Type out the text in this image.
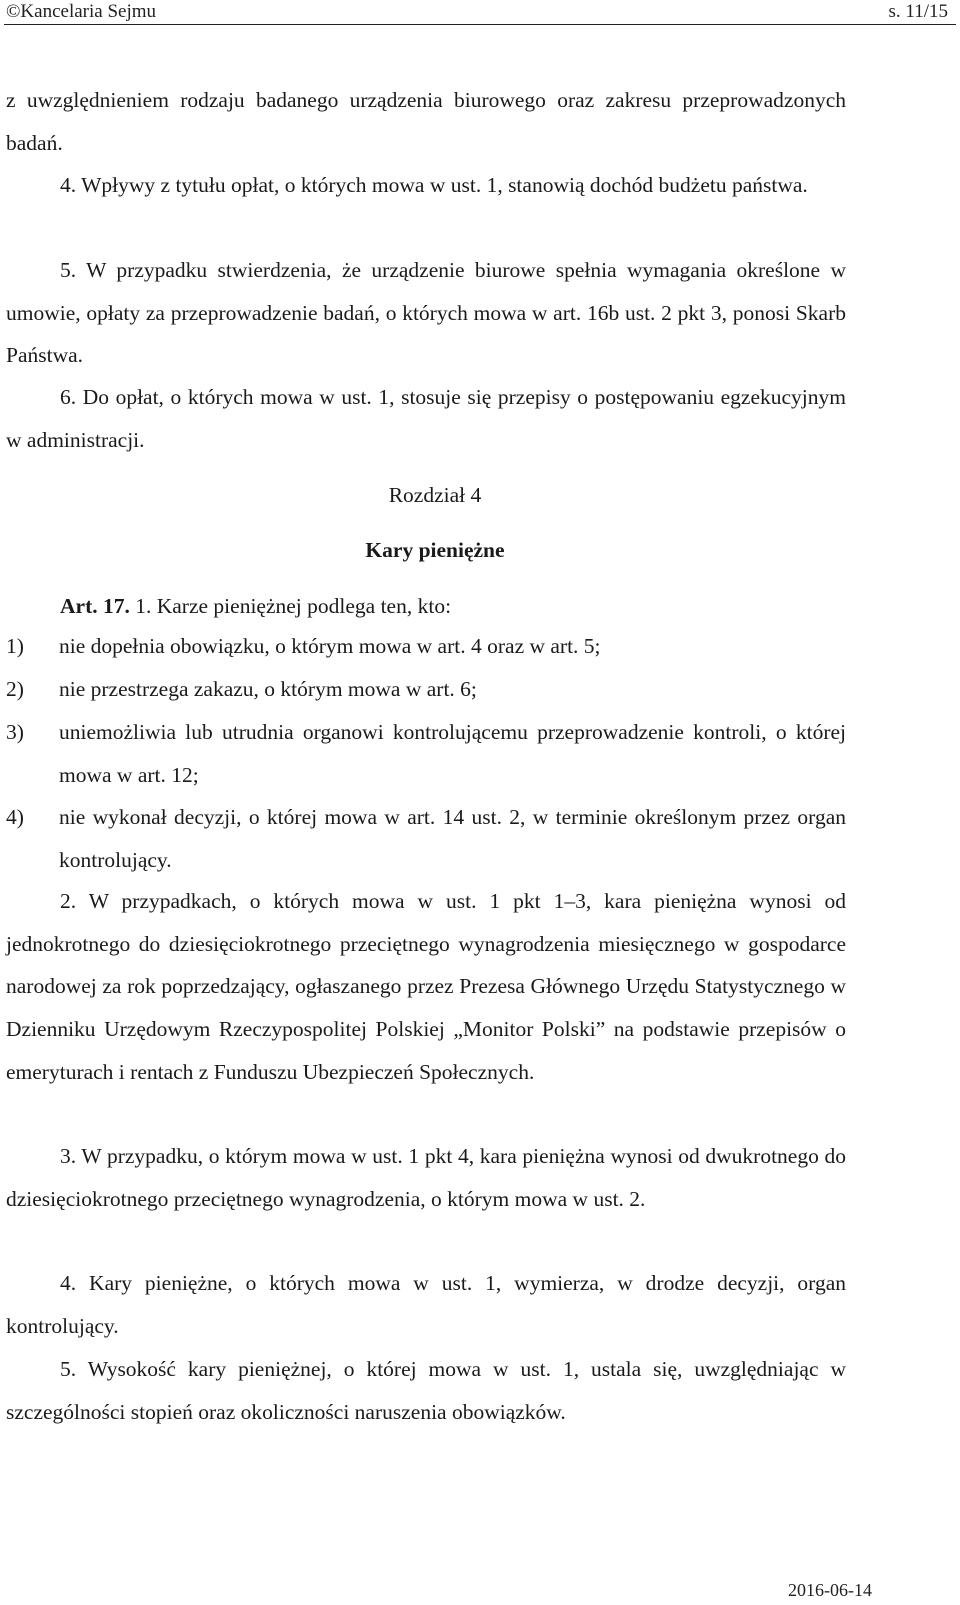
©Kancelaria Sejmu	s. 11/15

z uwzględnieniem rodzaju badanego urządzenia biurowego oraz zakresu przeprowadzonych badań.

4. Wpływy z tytułu opłat, o których mowa w ust. 1, stanowią dochód budżetu państwa.

5. W przypadku stwierdzenia, że urządzenie biurowe spełnia wymagania określone w umowie, opłaty za przeprowadzenie badań, o których mowa w art. 16b ust. 2 pkt 3, ponosi Skarb Państwa.

6. Do opłat, o których mowa w ust. 1, stosuje się przepisy o postępowaniu egzekucyjnym w administracji.

Rozdział 4

Kary pieniężne

Art. 17. 1. Karze pieniężnej podlega ten, kto:

1) nie dopełnia obowiązku, o którym mowa w art. 4 oraz w art. 5;
2) nie przestrzega zakazu, o którym mowa w art. 6;
3) uniemożliwia lub utrudnia organowi kontrolującemu przeprowadzenie kontroli, o której mowa w art. 12;
4) nie wykonał decyzji, o której mowa w art. 14 ust. 2, w terminie określonym przez organ kontrolujący.

2. W przypadkach, o których mowa w ust. 1 pkt 1–3, kara pieniężna wynosi od jednokrotnego do dziesięciokrotnego przeciętnego wynagrodzenia miesięcznego w gospodarce narodowej za rok poprzedzający, ogłaszanego przez Prezesa Głównego Urzędu Statystycznego w Dzienniku Urzędowym Rzeczypospolitej Polskiej „Monitor Polski” na podstawie przepisów o emeryturach i rentach z Funduszu Ubezpieczeń Społecznych.

3. W przypadku, o którym mowa w ust. 1 pkt 4, kara pieniężna wynosi od dwukrotnego do dziesięciokrotnego przeciętnego wynagrodzenia, o którym mowa w ust. 2.

4. Kary pieniężne, o których mowa w ust. 1, wymierza, w drodze decyzji, organ kontrolujący.

5. Wysokość kary pieniężnej, o której mowa w ust. 1, ustala się, uwzględniając w szczególności stopień oraz okoliczności naruszenia obowiązków.

2016-06-14
